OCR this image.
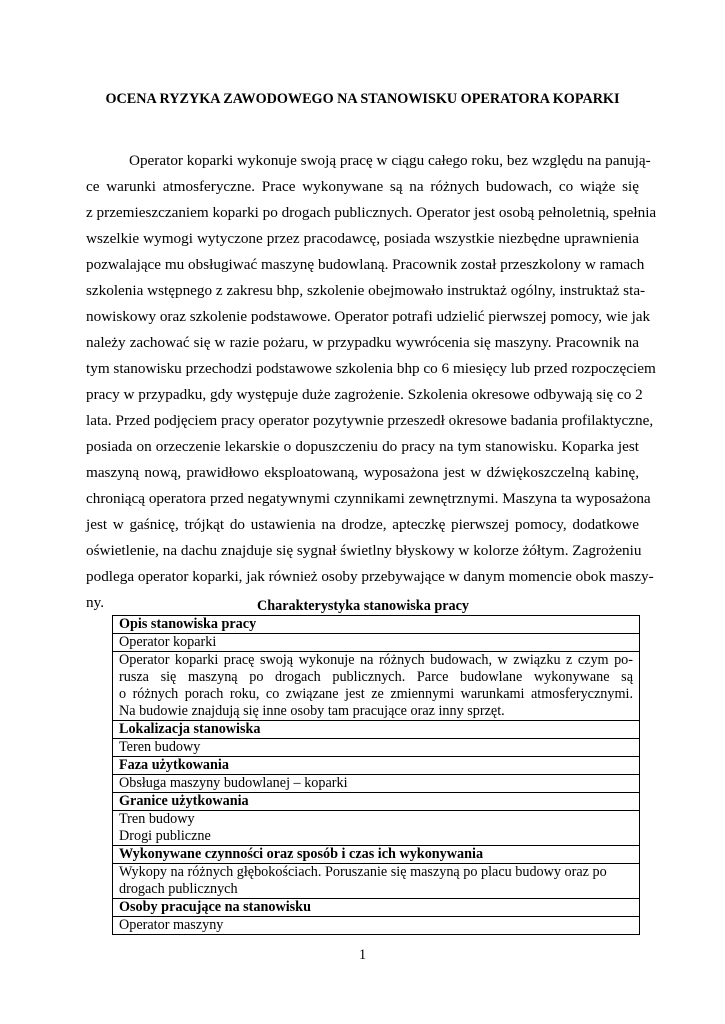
OCENA RYZYKA ZAWODOWEGO NA STANOWISKU OPERATORA KOPARKI
Operator koparki wykonuje swoją pracę w ciągu całego roku, bez względu na panują-
ce warunki atmosferyczne. Prace wykonywane są na różnych budowach, co wiąże się
z przemieszczaniem koparki po drogach publicznych. Operator jest osobą pełnoletnią, spełnia
wszelkie wymogi wytyczone przez pracodawcę, posiada wszystkie niezbędne uprawnienia
pozwalające mu obsługiwać maszynę budowlaną. Pracownik został przeszkolony w ramach
szkolenia wstępnego z zakresu bhp, szkolenie obejmowało instruktaż ogólny, instruktaż sta-
nowiskowy oraz szkolenie podstawowe. Operator potrafi udzielić pierwszej pomocy, wie jak
należy zachować się w razie pożaru, w przypadku wywrócenia się maszyny. Pracownik na
tym stanowisku przechodzi podstawowe szkolenia bhp co 6 miesięcy lub przed rozpoczęciem
pracy w przypadku, gdy występuje duże zagrożenie. Szkolenia okresowe odbywają się co 2
lata. Przed podjęciem pracy operator pozytywnie przeszedł okresowe badania profilaktyczne,
posiada on orzeczenie lekarskie o dopuszczeniu do pracy na tym stanowisku. Koparka jest
maszyną nową, prawidłowo eksploatowaną, wyposażona jest w dźwiękoszczelną kabinę,
chroniącą operatora przed negatywnymi czynnikami zewnętrznymi. Maszyna ta wyposażona
jest w gaśnicę, trójkąt do ustawienia na drodze, apteczkę pierwszej pomocy, dodatkowe
oświetlenie, na dachu znajduje się sygnał świetlny błyskowy w kolorze żółtym. Zagrożeniu
podlega operator koparki, jak również osoby przebywające w danym momencie obok maszy-
ny.	Charakterystyka stanowiska pracy
Opis stanowiska pracy
Operator koparki

Operator koparki pracę swoją wykonuje na różnych budowach, w związku z czym po-
rusza się maszyną po drogach publicznych. Parce budowlane wykonywane są
o różnych porach roku, co związane jest ze zmiennymi warunkami atmosferycznymi.
Na budowie znajdują się inne osoby tam pracujące oraz inny sprzęt.

Lokalizacja stanowiska
Teren budowy
Faza użytkowania
Obsługa maszyny budowlanej – koparki
Granice użytkowania

Tren budowy
Drogi publiczne

Wykonywane czynności oraz sposób i czas ich wykonywania

Wykopy na różnych głębokościach. Poruszanie się maszyną po placu budowy oraz po
drogach publicznych

Osoby pracujące na stanowisku
Operator maszyny
1
